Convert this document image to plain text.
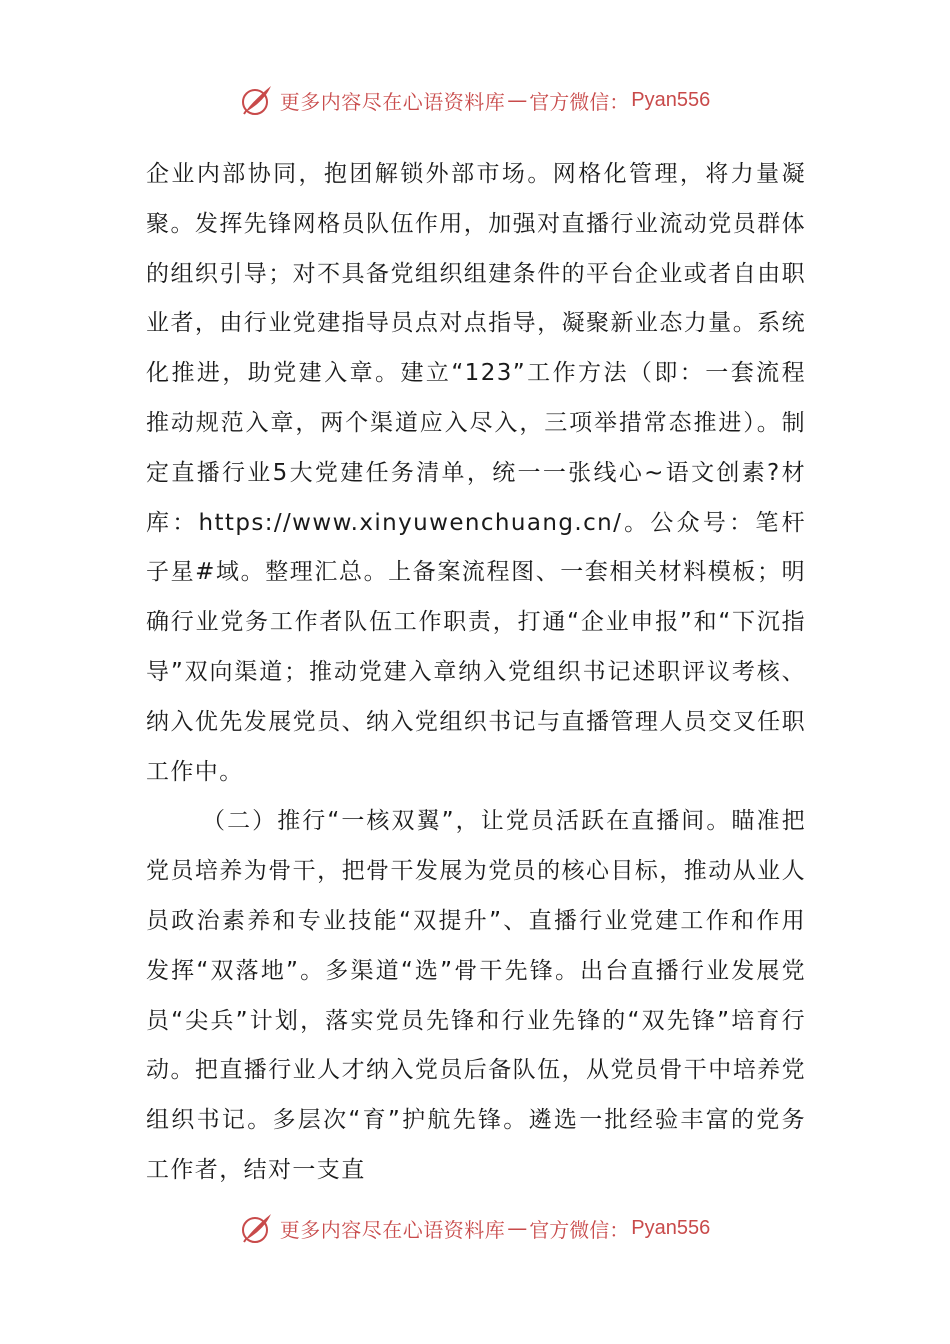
更多内容尽在心语资料库 — 官方微信： Pyan556

企业内部协同，抱团解锁外部市场。网格化管理，将力量凝聚。发挥先锋网格员队伍作用，加强对直播行业流动党员群体的组织引导；对不具备党组织组建条件的平台企业或者自由职业者，由行业党建指导员点对点指导，凝聚新业态力量。系统化推进，助党建入章。建立“123”工作方法（即：一套流程推动规范入章，两个渠道应入尽入，三项举措常态推进）。制定直播行业5大党建任务清单，统一一张线心~语文创素?材库：https://www.xinyuwenchuang.cn/。公众号：笔杆子星#域。整理汇总。上备案流程图、一套相关材料模板；明确行业党务工作者队伍工作职责，打通“企业申报”和“下沉指导”双向渠道；推动党建入章纳入党组织书记述职评议考核、纳入优先发展党员、纳入党组织书记与直播管理人员交叉任职工作中。

（二）推行“一核双翼”，让党员活跃在直播间。瞄准把党员培养为骨干，把骨干发展为党员的核心目标，推动从业人员政治素养和专业技能“双提升”、直播行业党建工作和作用发挥“双落地”。多渠道“选”骨干先锋。出台直播行业发展党员“尖兵”计划，落实党员先锋和行业先锋的“双先锋”培育行动。把直播行业人才纳入党员后备队伍，从党员骨干中培养党组织书记。多层次“育”护航先锋。遴选一批经验丰富的党务工作者，结对一支直

更多内容尽在心语资料库 — 官方微信： Pyan556
